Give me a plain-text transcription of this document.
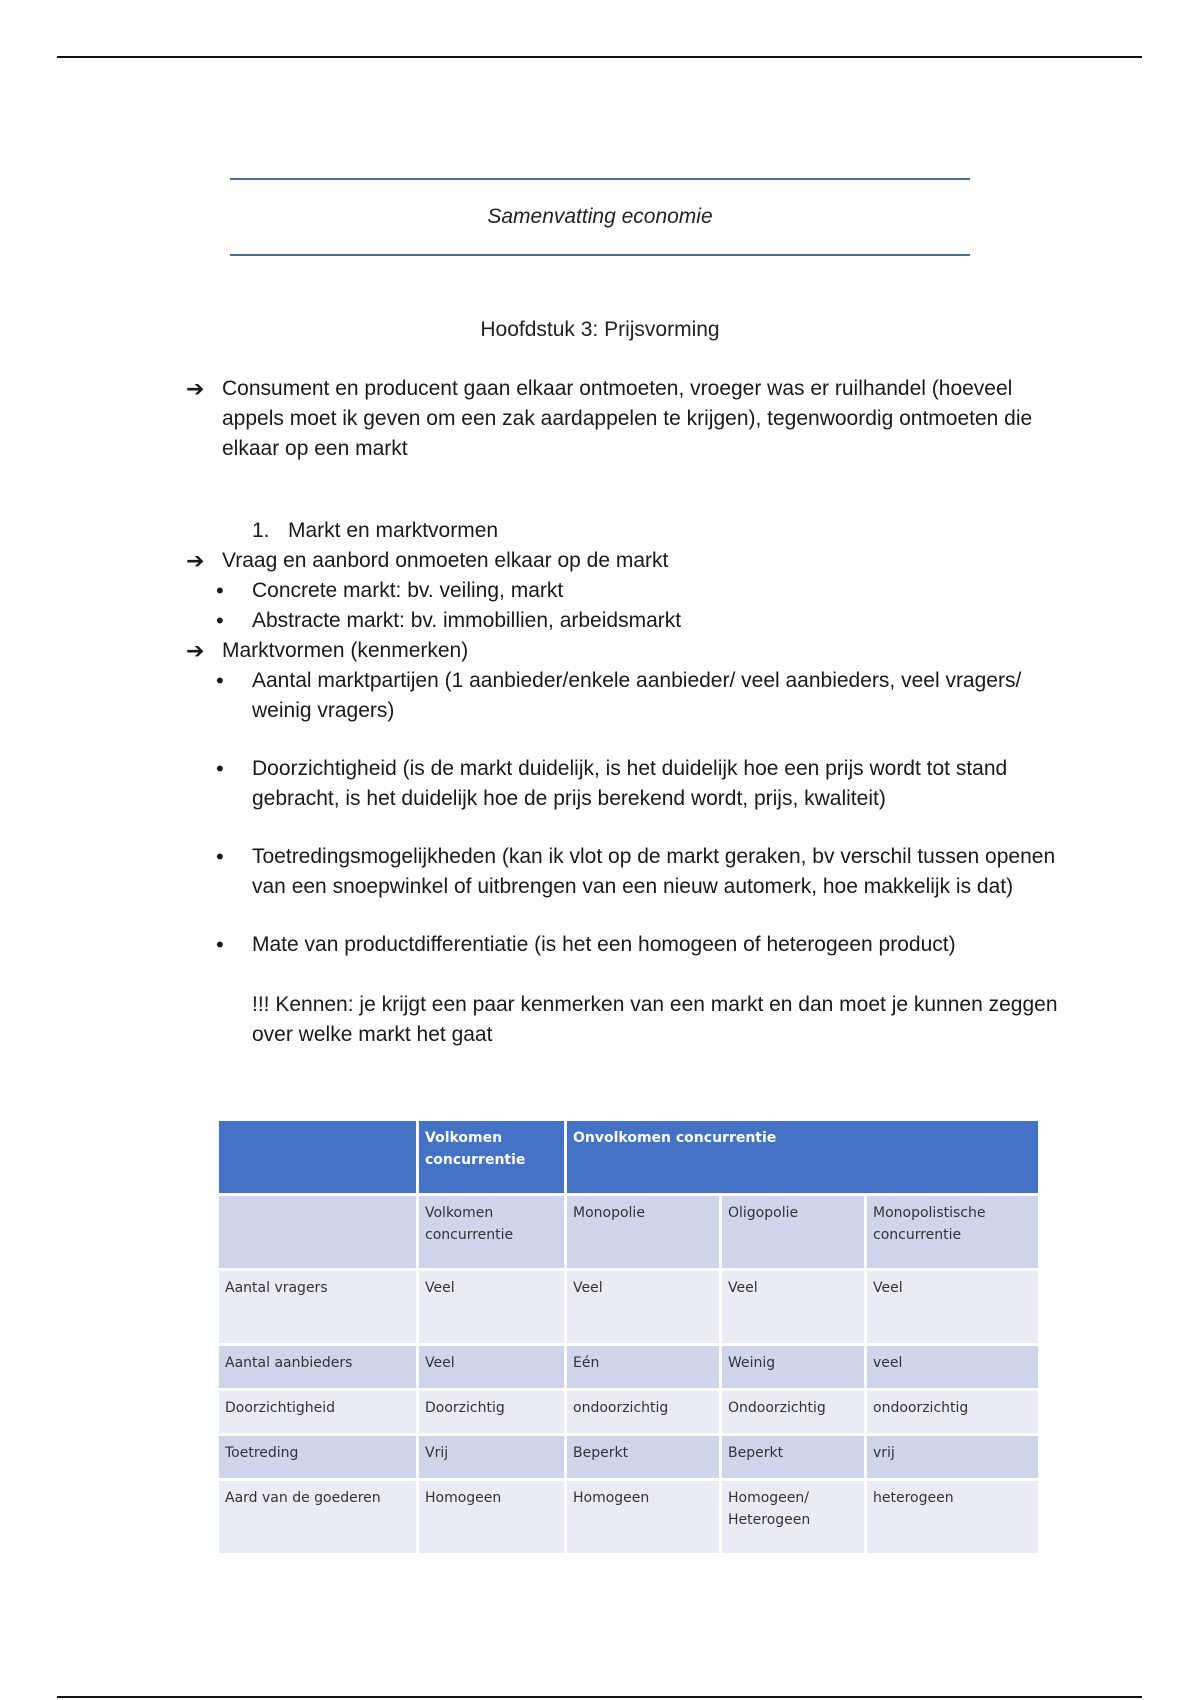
Samenvatting economie
Hoofdstuk 3: Prijsvorming
➔ Consument en producent gaan elkaar ontmoeten, vroeger was er ruilhandel (hoeveel appels moet ik geven om een zak aardappelen te krijgen), tegenwoordig ontmoeten die elkaar op een markt
1. Markt en marktvormen
➔ Vraag en aanbord onmoeten elkaar op de markt
• Concrete markt: bv. veiling, markt
• Abstracte markt: bv. immobillien, arbeidsmarkt
➔ Marktvormen (kenmerken)
• Aantal marktpartijen (1 aanbieder/enkele aanbieder/ veel aanbieders, veel vragers/ weinig vragers)
• Doorzichtigheid (is de markt duidelijk, is het duidelijk hoe een prijs wordt tot stand gebracht, is het duidelijk hoe de prijs berekend wordt, prijs, kwaliteit)
• Toetredingsmogelijkheden (kan ik vlot op de markt geraken, bv verschil tussen openen van een snoepwinkel of uitbrengen van een nieuw automerk, hoe makkelijk is dat)
• Mate van productdifferentiatie (is het een homogeen of heterogeen product)
!!! Kennen: je krijgt een paar kenmerken van een markt en dan moet je kunnen zeggen over welke markt het gaat
	Volkomen concurrentie	Onvolkomen concurrentie		
	Volkomen concurrentie	Monopolie	Oligopolie	Monopolistische concurrentie
Aantal vragers	Veel	Veel	Veel	Veel
Aantal aanbieders	Veel	Eén	Weinig	veel
Doorzichtigheid	Doorzichtig	ondoorzichtig	Ondoorzichtig	ondoorzichtig
Toetreding	Vrij	Beperkt	Beperkt	vrij
Aard van de goederen	Homogeen	Homogeen	Homogeen/ Heterogeen	heterogeen
